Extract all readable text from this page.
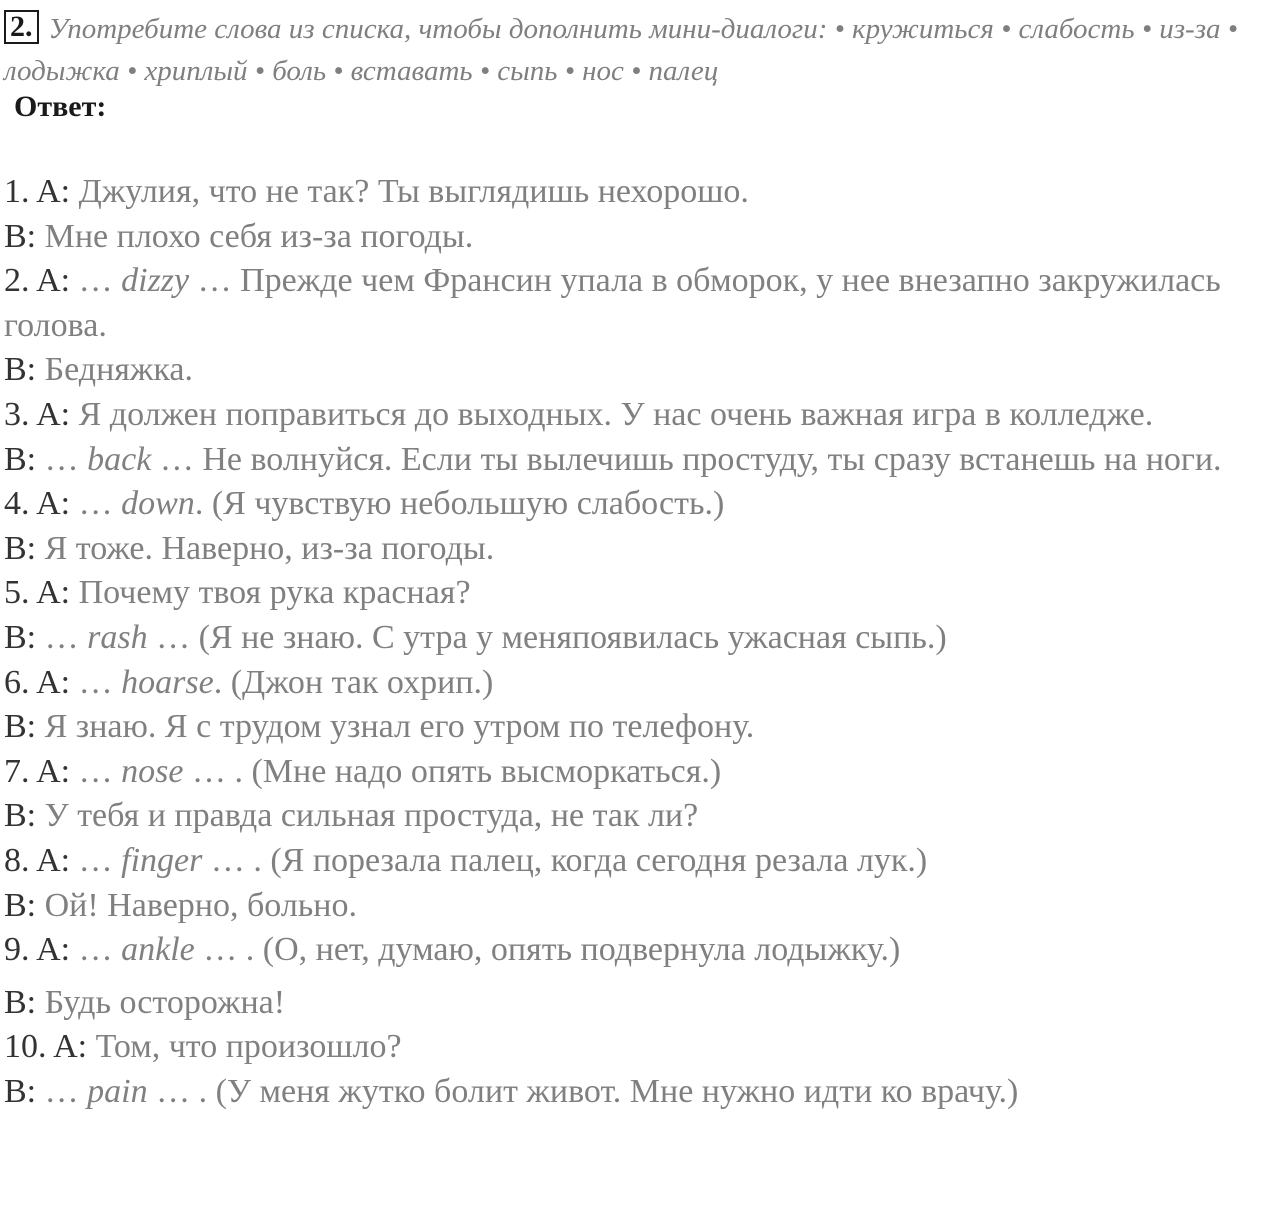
2. Употребите слова из списка, чтобы дополнить мини-диалоги: • кружиться • слабость • из-за • лодыжка • хриплый • боль • вставать • сыпь • нос • палец
Ответ:
1. A: Джулия, что не так? Ты выглядишь нехорошо.
B: Мне плохо себя из-за погоды.
2. A: … dizzy … Прежде чем Франсин упала в обморок, у нее внезапно закружилась голова.
B: Бедняжка.
3. A: Я должен поправиться до выходных. У нас очень важная игра в колледже.
B: … back … Не волнуйся. Если ты вылечишь простуду, ты сразу встанешь на ноги.
4. A: … down. (Я чувствую небольшую слабость.)
B: Я тоже. Наверно, из-за погоды.
5. A: Почему твоя рука красная?
B: … rash … (Я не знаю. С утра у меняпоявилась ужасная сыпь.)
6. A: … hoarse. (Джон так охрип.)
B: Я знаю. Я с трудом узнал его утром по телефону.
7. A: … nose … . (Мне надо опять высморкаться.)
B: У тебя и правда сильная простуда, не так ли?
8. A: … finger … . (Я порезала палец, когда сегодня резала лук.)
B: Ой! Наверно, больно.
9. A: … ankle … . (О, нет, думаю, опять подвернула лодыжку.)
B: Будь осторожна!
10. A: Том, что произошло?
B: … pain … . (У меня жутко болит живот. Мне нужно идти ко врачу.)
